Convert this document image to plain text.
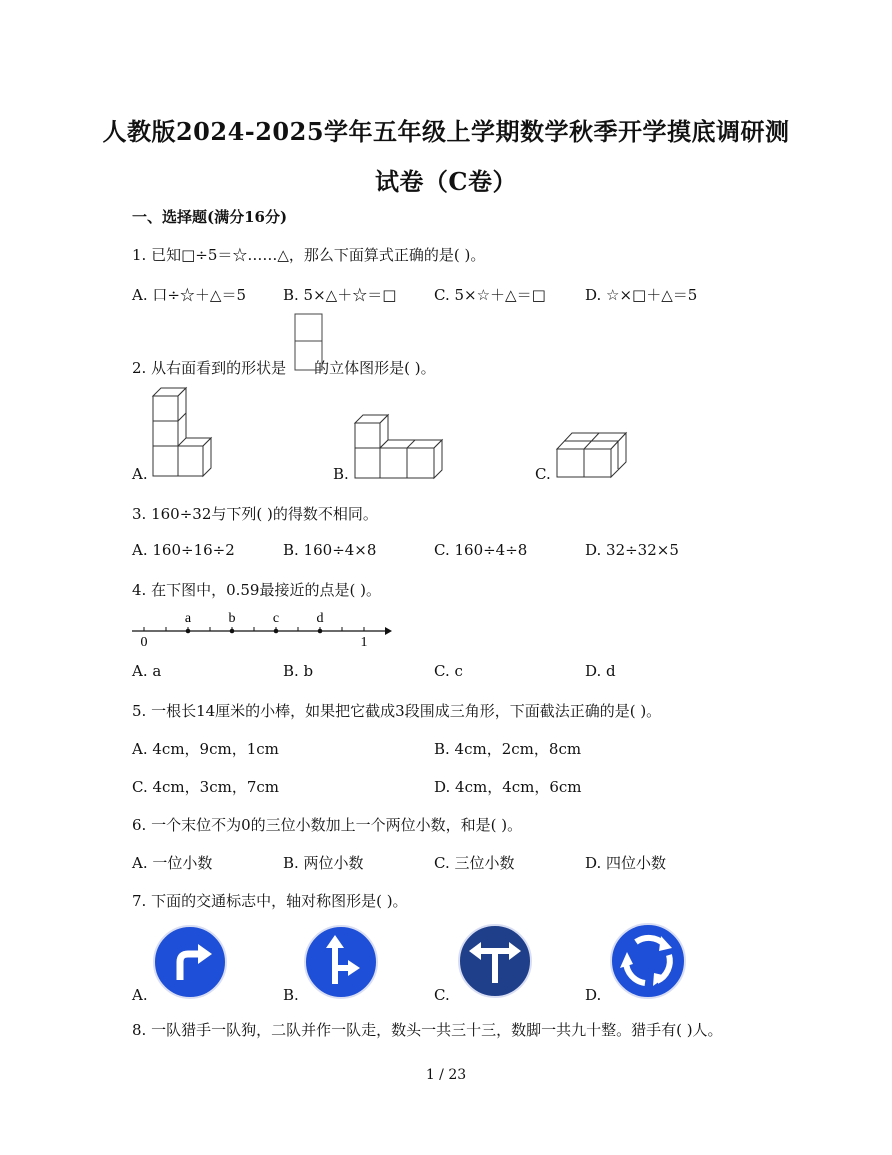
人教版2024-2025学年五年级上学期数学秋季开学摸底调研测
试卷（C卷）
一、选择题(满分16分)
1. 已知□÷5＝☆……△，那么下面算式正确的是( )。
A. 口÷☆＋△＝5 B. 5×△＋☆＝□	C. 5×☆＋△＝□	D. ☆×□＋△＝5
2. 从右面看到的形状是 的立体图形是( )。
A.	B.	C.
3. 160÷32与下列( )的得数不相同。
A. 160÷16÷2	B. 160÷4×8	C. 160÷4÷8	D. 32÷32×5
4. 在下图中，0.59最接近的点是( )。
a	b	c	d
0	1
A. a	B. b	C. c	D. d
5. 一根长14厘米的小棒，如果把它截成3段围成三角形，下面截法正确的是( )。
A. 4cm，9cm，1cm	B. 4cm，2cm，8cm
C. 4cm，3cm，7cm	D. 4cm，4cm，6cm
6. 一个末位不为0的三位小数加上一个两位小数，和是( )。
A. 一位小数	B. 两位小数	C. 三位小数	D. 四位小数
7. 下面的交通标志中，轴对称图形是( )。
A.	B.	C.	D.
8. 一队猎手一队狗，二队并作一队走，数头一共三十三，数脚一共九十整。猎手有( )人。
1 / 23
